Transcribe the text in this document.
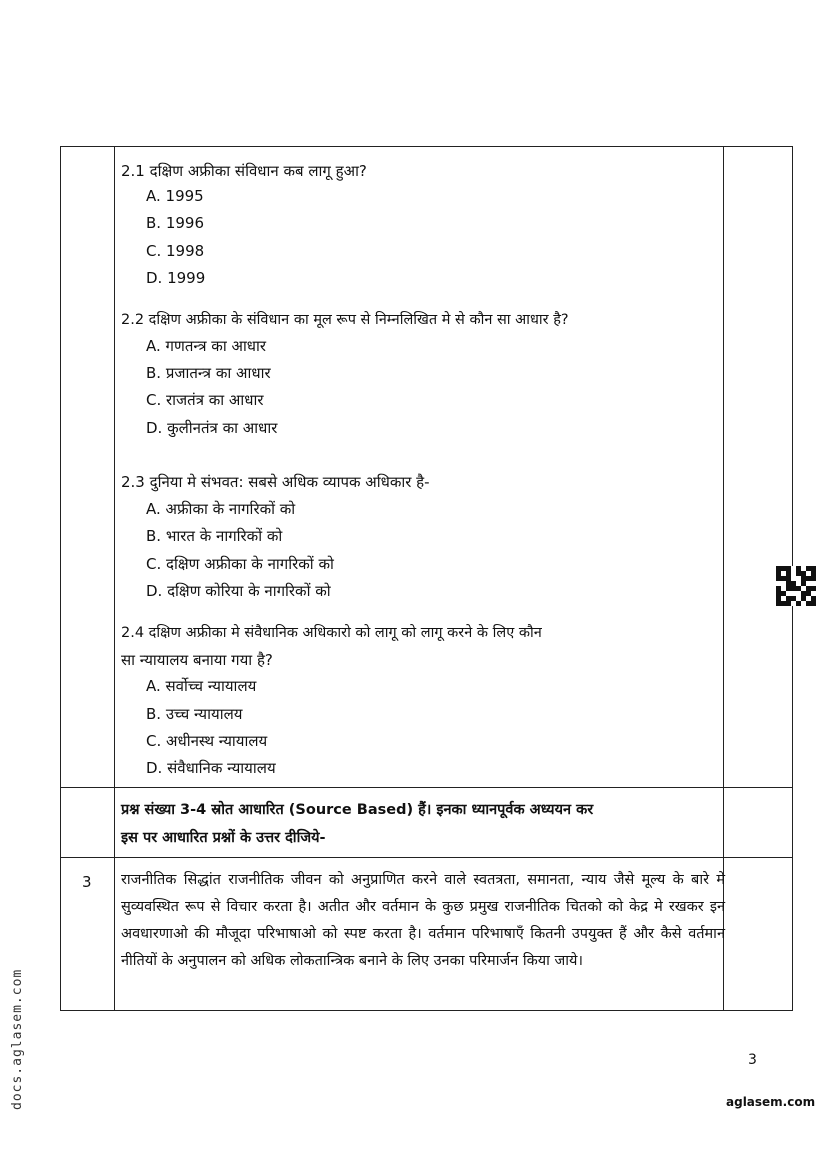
2.1 दक्षिण अफ्रीका संविधान कब लागू हुआ?
A. 1995
B. 1996
C. 1998
D. 1999
2.2 दक्षिण अफ्रीका के संविधान का मूल रूप से निम्नलिखित मे से कौन सा आधार है?
A. गणतन्त्र का आधार
B. प्रजातन्त्र का आधार
C. राजतंत्र का आधार
D. कुलीनतंत्र का आधार
2.3 दुनिया मे संभवत: सबसे अधिक व्यापक अधिकार है-
A. अफ्रीका के नागरिकों को
B. भारत के नागरिकों को
C. दक्षिण अफ्रीका के नागरिकों को
D. दक्षिण कोरिया के नागरिकों को
2.4 दक्षिण अफ्रीका मे संवैधानिक अधिकारो को लागू को लागू करने के लिए कौन
सा न्यायालय बनाया गया है?
A. सर्वोच्च न्यायालय
B. उच्च न्यायालय
C. अधीनस्थ न्यायालय
D. संवैधानिक न्यायालय
प्रश्न संख्या 3-4 स्रोत आधारित (Source Based) हैं। इनका ध्यानपूर्वक अध्ययन कर
इस पर आधारित प्रश्नों के उत्तर दीजिये-
3 राजनीतिक सिद्धांत राजनीतिक जीवन को अनुप्राणित करने वाले स्वतत्रता, समानता, न्याय जैसे मूल्य के बारे मे सुव्यवस्थित रूप से विचार करता है। अतीत और वर्तमान के कुछ प्रमुख राजनीतिक चितको को केद्र मे रखकर इन अवधारणाओ की मौजूदा परिभाषाओ को स्पष्ट करता है। वर्तमान परिभाषाएँ कितनी उपयुक्त हैं और कैसे वर्तमान नीतियों के अनुपालन को अधिक लोकतान्त्रिक बनाने के लिए उनका परिमार्जन किया जाये।
3
docs.aglasem.com	aglasem.com
